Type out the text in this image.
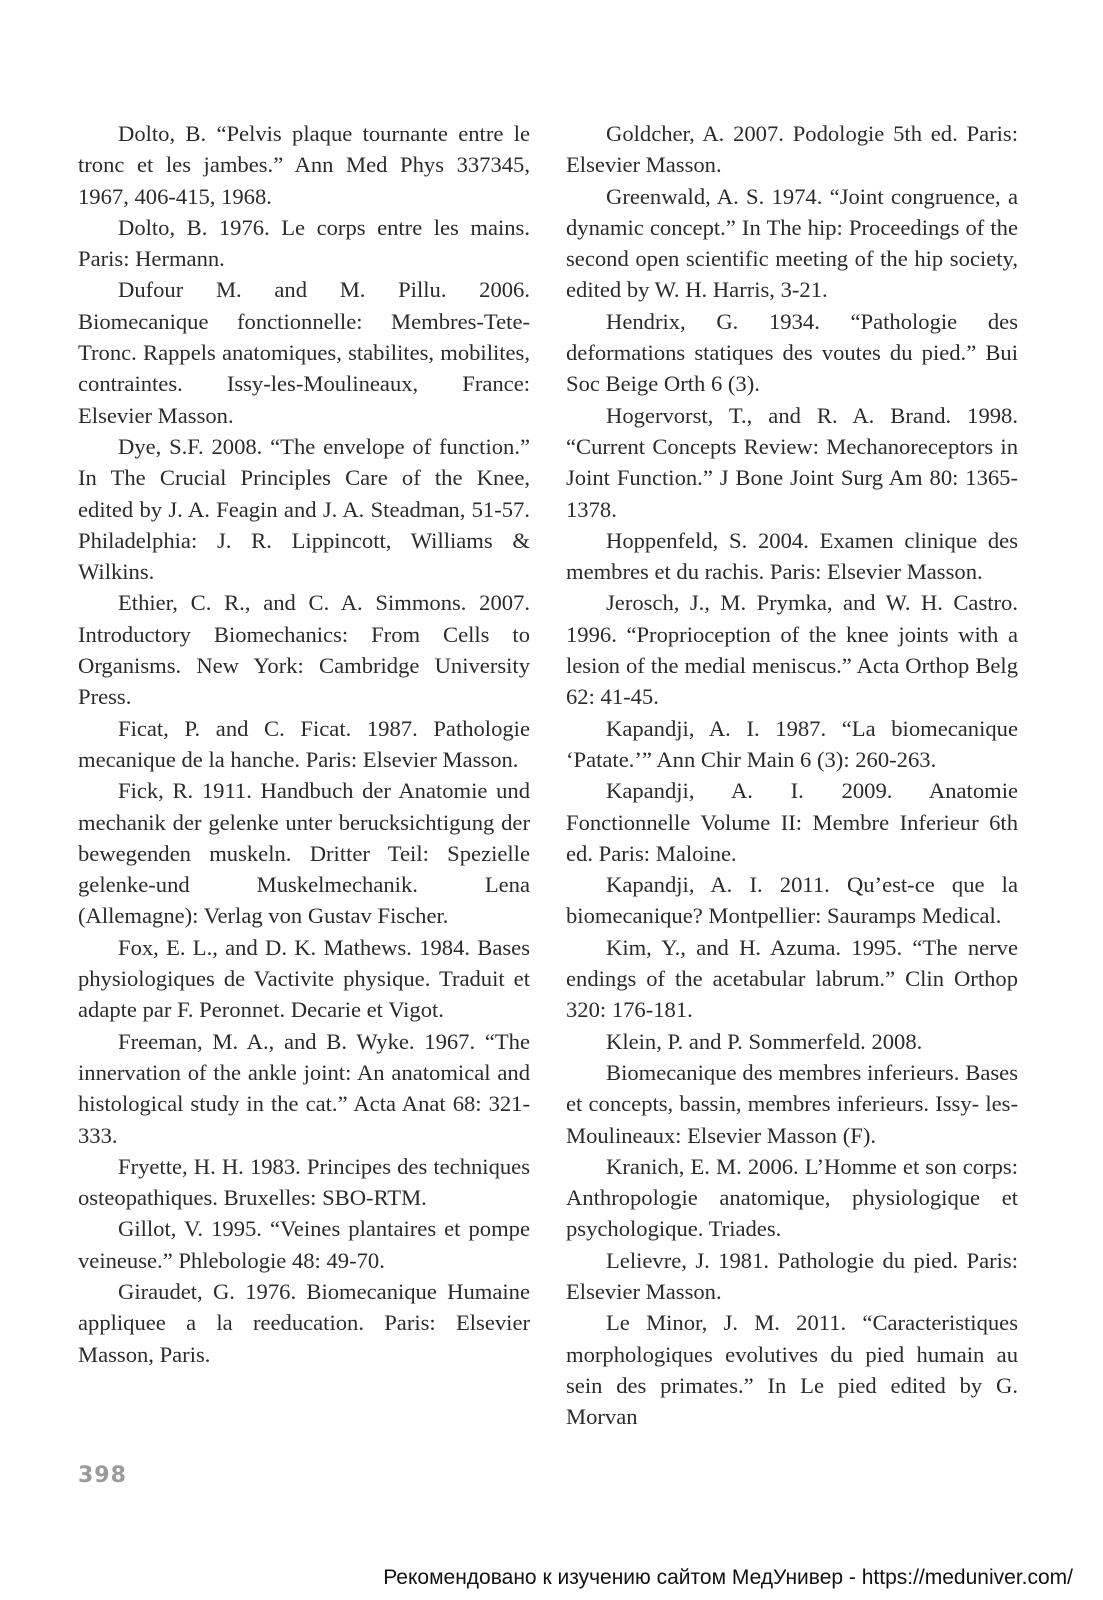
Dolto, B. “Pelvis plaque tournante entre le tronc et les jambes.” Ann Med Phys 337345, 1967, 406-415, 1968.

Dolto, B. 1976. Le corps entre les mains. Paris: Hermann.

Dufour M. and M. Pillu. 2006. Biomecanique fonctionnelle: Membres-Tete-Tronc. Rappels anatomiques, stabilites, mobilites, contraintes. Issy-les-Moulineaux, France: Elsevier Masson.

Dye, S.F. 2008. “The envelope of function.” In The Crucial Principles Care of the Knee, edited by J. A. Feagin and J. A. Steadman, 51-57. Philadelphia: J. R. Lippincott, Williams & Wilkins.

Ethier, C. R., and C. A. Simmons. 2007. Introductory Biomechanics: From Cells to Organisms. New York: Cambridge University Press.

Ficat, P. and C. Ficat. 1987. Pathologie mecanique de la hanche. Paris: Elsevier Masson.

Fick, R. 1911. Handbuch der Anatomie und mechanik der gelenke unter berucksichtigung der bewegenden muskeln. Dritter Teil: Spezielle gelenke-und Muskelmechanik. Lena (Allemagne): Verlag von Gustav Fischer.

Fox, E. L., and D. K. Mathews. 1984. Bases physiologiques de Vactivite physique. Traduit et adapte par F. Peronnet. Decarie et Vigot.

Freeman, M. A., and B. Wyke. 1967. “The innervation of the ankle joint: An anatomical and histological study in the cat.” Acta Anat 68: 321-333.

Fryette, H. H. 1983. Principes des techniques osteopathiques. Bruxelles: SBO-RTM.

Gillot, V. 1995. “Veines plantaires et pompe veineuse.” Phlebologie 48: 49-70.

Giraudet, G. 1976. Biomecanique Humaine appliquee a la reeducation. Paris: Elsevier Masson, Paris.

Goldcher, A. 2007. Podologie 5th ed. Paris: Elsevier Masson.

Greenwald, A. S. 1974. “Joint congruence, a dynamic concept.” In The hip: Proceedings of the second open scientific meeting of the hip society, edited by W. H. Harris, 3-21.

Hendrix, G. 1934. “Pathologie des deformations statiques des voutes du pied.” Bui Soc Beige Orth 6 (3).

Hogervorst, T., and R. A. Brand. 1998. “Current Concepts Review: Mechanoreceptors in Joint Function.” J Bone Joint Surg Am 80: 1365-1378.

Hoppenfeld, S. 2004. Examen clinique des membres et du rachis. Paris: Elsevier Masson.

Jerosch, J., M. Prymka, and W. H. Castro. 1996. “Proprioception of the knee joints with a lesion of the medial meniscus.” Acta Orthop Belg 62: 41-45.

Kapandji, A. I. 1987. “La biomecanique ‘Patate.’” Ann Chir Main 6 (3): 260-263.

Kapandji, A. I. 2009. Anatomie Fonctionnelle Volume II: Membre Inferieur 6th ed. Paris: Maloine.

Kapandji, A. I. 2011. Qu’est-ce que la biomecanique? Montpellier: Sauramps Medical.

Kim, Y., and H. Azuma. 1995. “The nerve endings of the acetabular labrum.” Clin Orthop 320: 176-181.

Klein, P. and P. Sommerfeld. 2008.

Biomecanique des membres inferieurs. Bases et concepts, bassin, membres inferieurs. Issy- les-Moulineaux: Elsevier Masson (F).

Kranich, E. M. 2006. L’Homme et son corps: Anthropologie anatomique, physiologique et psychologique. Triades.

Lelievre, J. 1981. Pathologie du pied. Paris: Elsevier Masson.

Le Minor, J. M. 2011. “Caracteristiques morphologiques evolutives du pied humain au sein des primates.” In Le pied edited by G. Morvan

398
Рекомендовано к изучению сайтом МедУнивер - https://meduniver.com/
